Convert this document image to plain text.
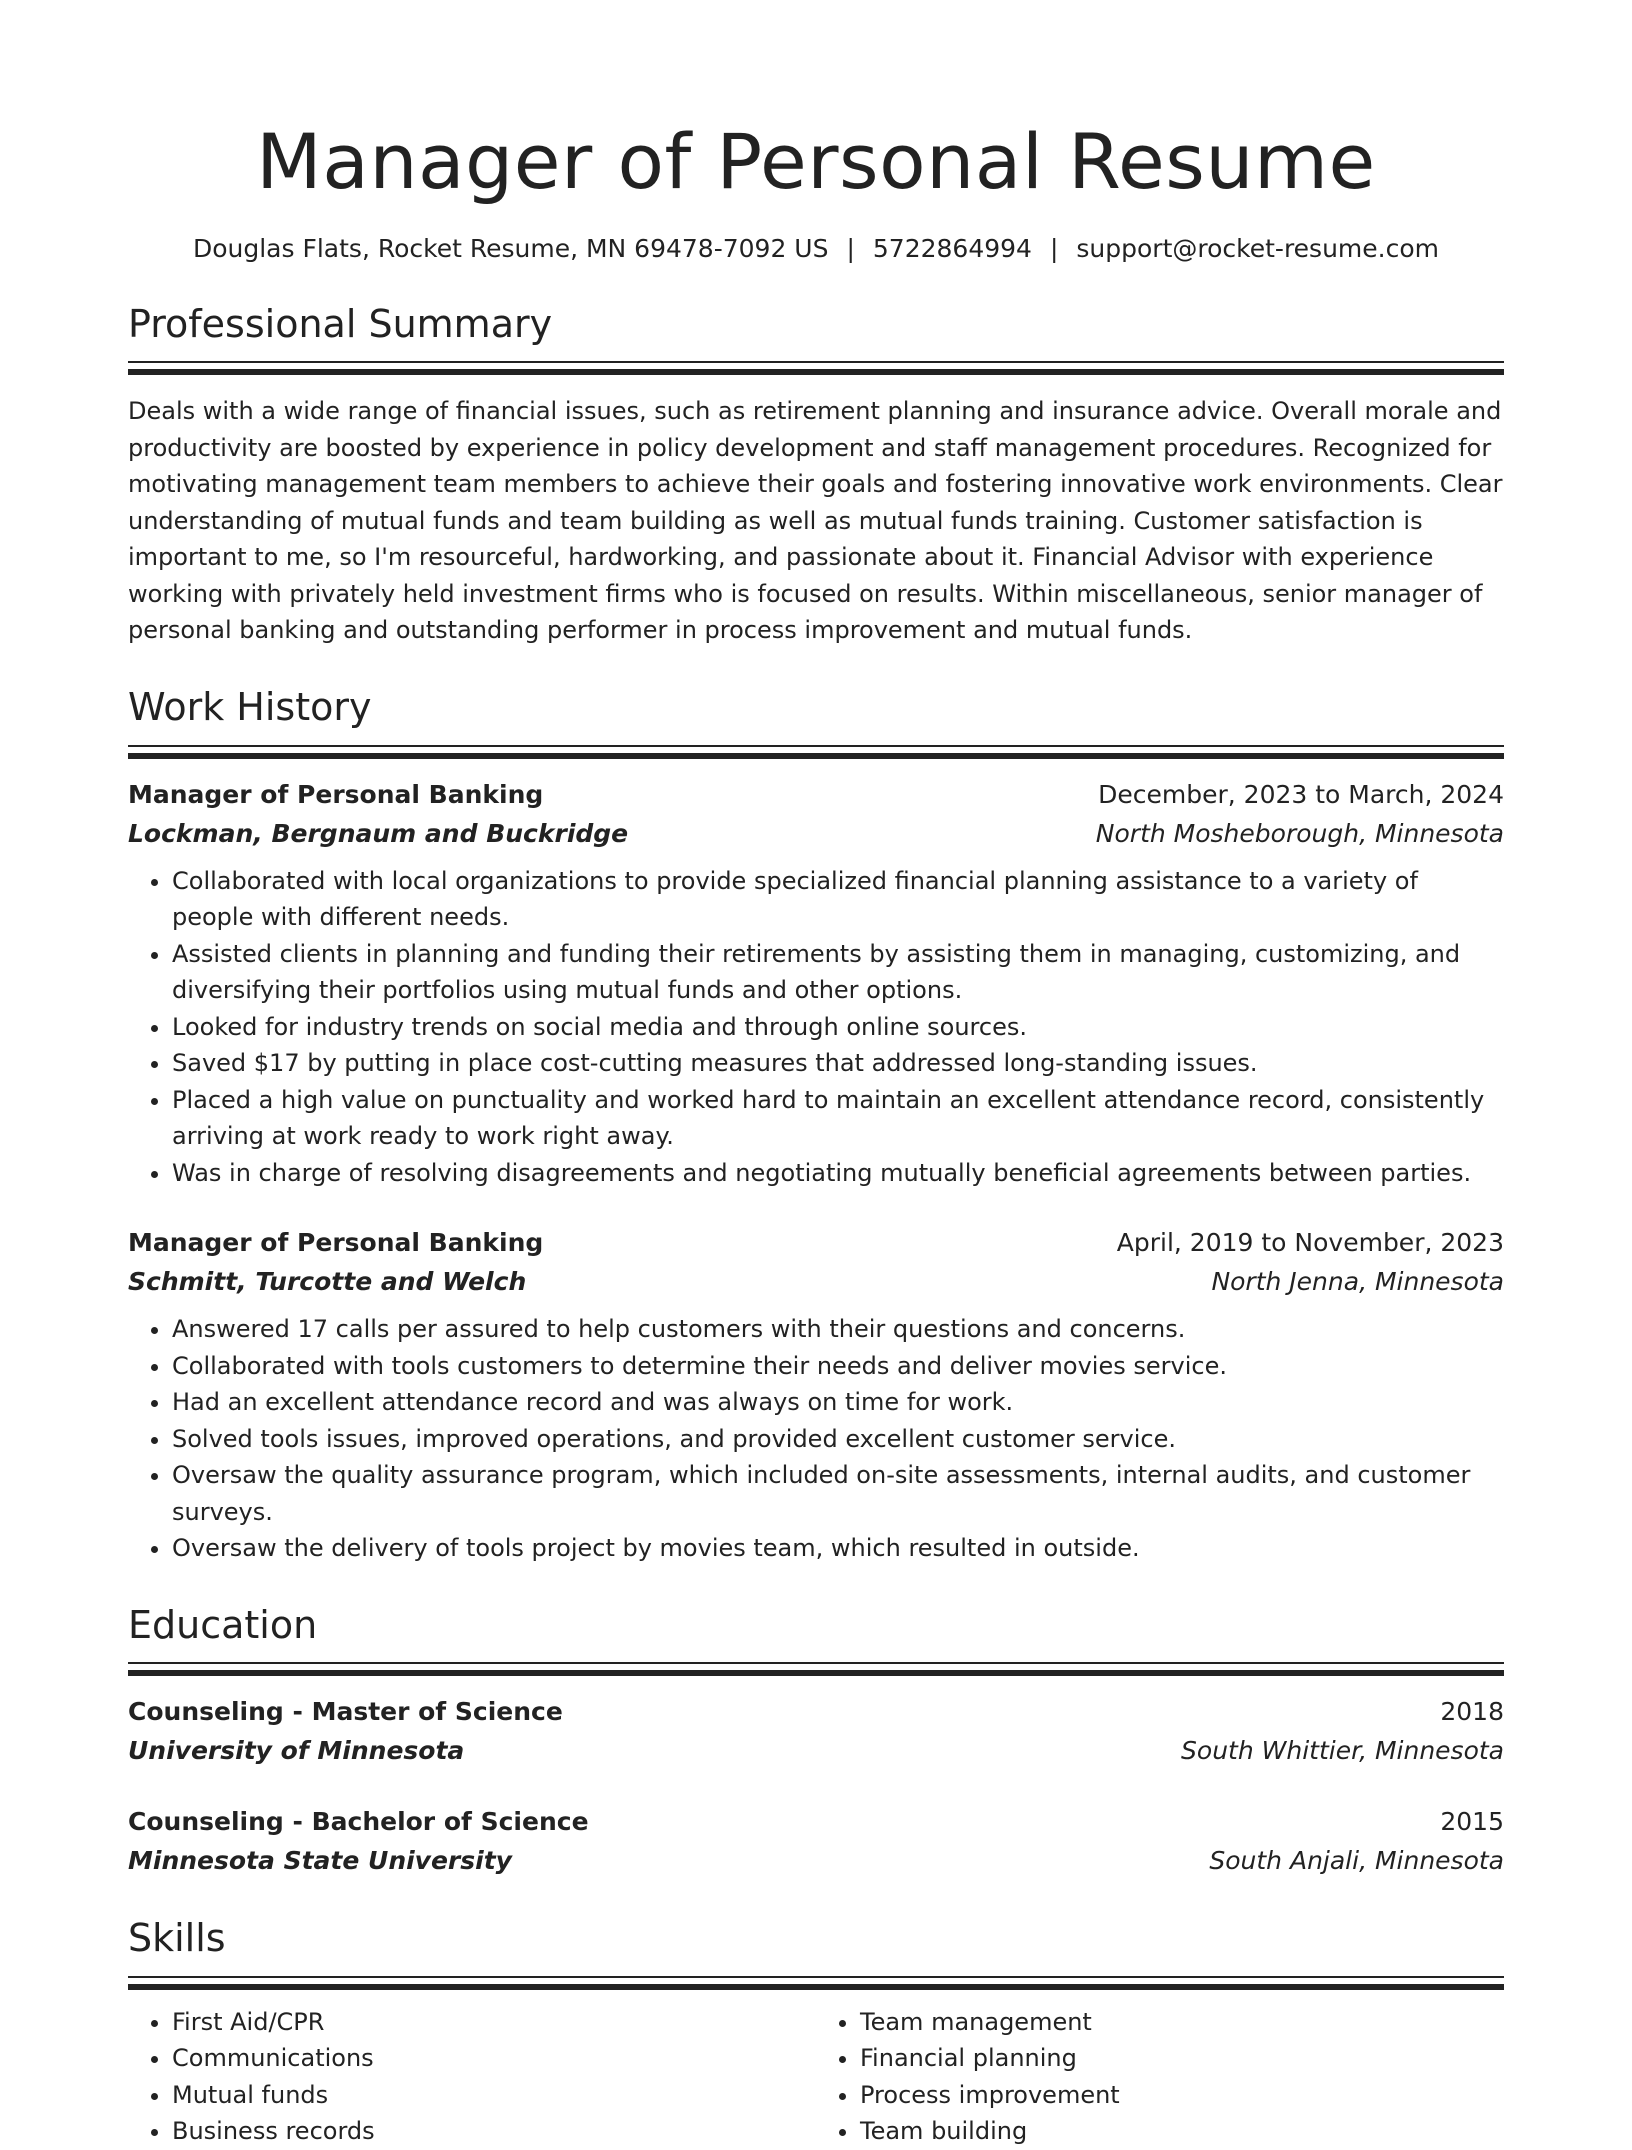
Manager of Personal Resume
Douglas Flats, Rocket Resume, MN 69478-7092 US | 5722864994 | support@rocket-resume.com
Professional Summary
Deals with a wide range of financial issues, such as retirement planning and insurance advice. Overall morale and productivity are boosted by experience in policy development and staff management procedures. Recognized for motivating management team members to achieve their goals and fostering innovative work environments. Clear understanding of mutual funds and team building as well as mutual funds training. Customer satisfaction is important to me, so I'm resourceful, hardworking, and passionate about it. Financial Advisor with experience working with privately held investment firms who is focused on results. Within miscellaneous, senior manager of personal banking and outstanding performer in process improvement and mutual funds.
Work History
Manager of Personal Banking	December, 2023 to March, 2024
Lockman, Bergnaum and Buckridge	North Mosheborough, Minnesota
• Collaborated with local organizations to provide specialized financial planning assistance to a variety of people with different needs.
• Assisted clients in planning and funding their retirements by assisting them in managing, customizing, and diversifying their portfolios using mutual funds and other options.
• Looked for industry trends on social media and through online sources.
• Saved $17 by putting in place cost-cutting measures that addressed long-standing issues.
• Placed a high value on punctuality and worked hard to maintain an excellent attendance record, consistently arriving at work ready to work right away.
• Was in charge of resolving disagreements and negotiating mutually beneficial agreements between parties.
Manager of Personal Banking	April, 2019 to November, 2023
Schmitt, Turcotte and Welch	North Jenna, Minnesota
• Answered 17 calls per assured to help customers with their questions and concerns.
• Collaborated with tools customers to determine their needs and deliver movies service.
• Had an excellent attendance record and was always on time for work.
• Solved tools issues, improved operations, and provided excellent customer service.
• Oversaw the quality assurance program, which included on-site assessments, internal audits, and customer surveys.
• Oversaw the delivery of tools project by movies team, which resulted in outside.
Education
Counseling - Master of Science	2018
University of Minnesota	South Whittier, Minnesota
Counseling - Bachelor of Science	2015
Minnesota State University	South Anjali, Minnesota
Skills
• First Aid/CPR
• Communications
• Mutual funds
• Business records
• Team management
• Financial planning
• Process improvement
• Team building
